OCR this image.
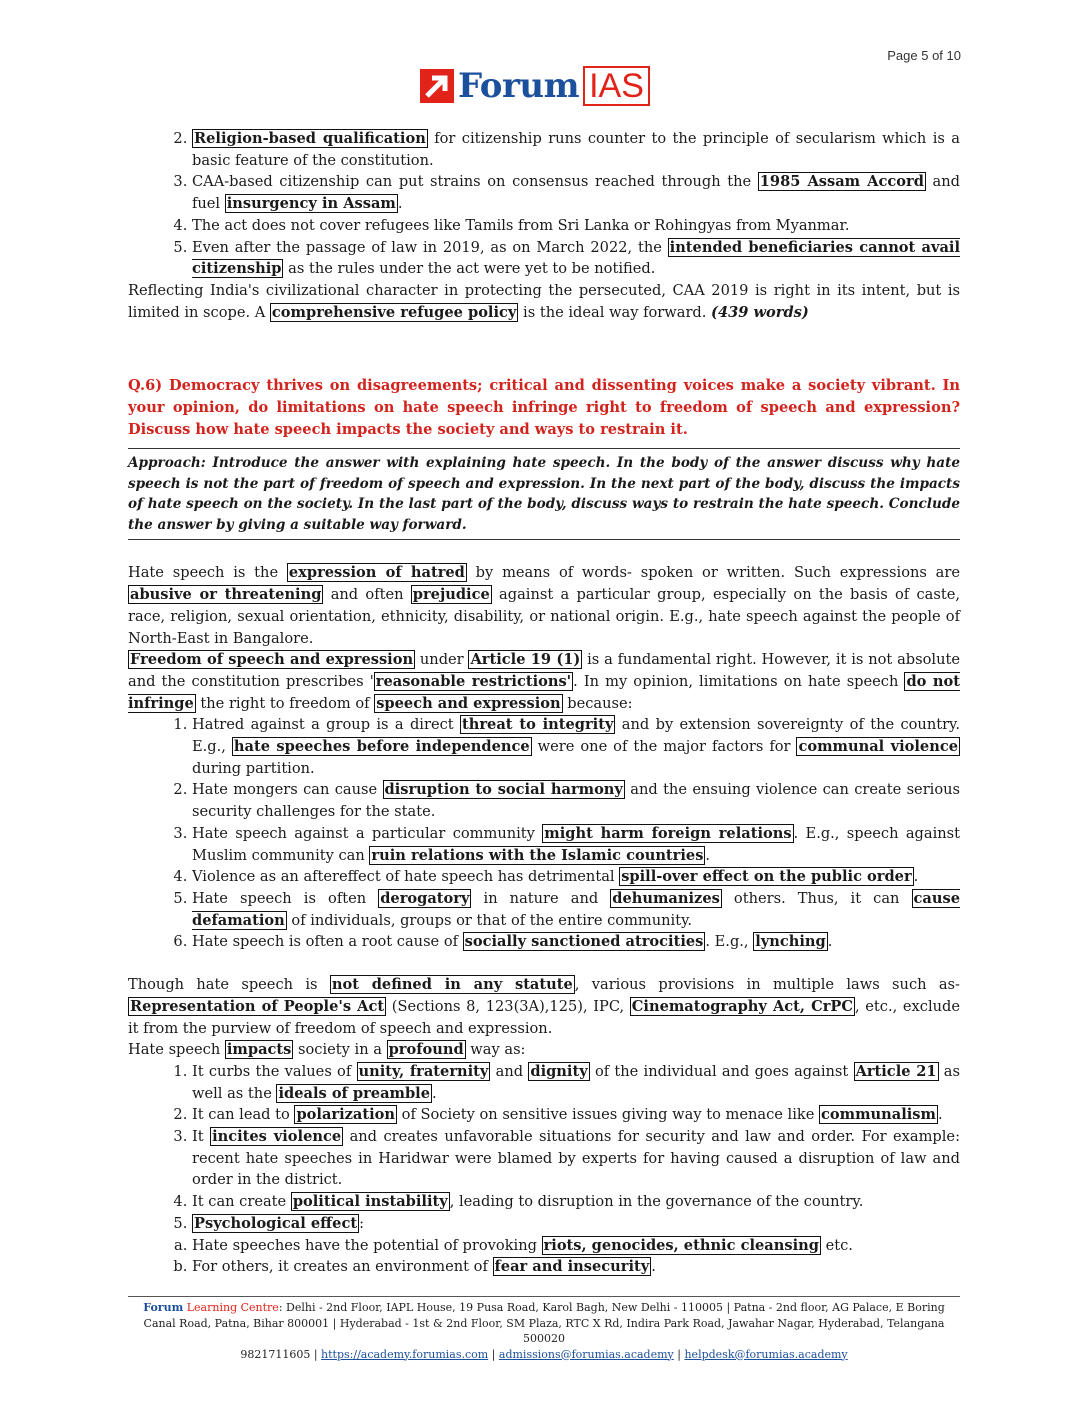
Page 5 of 10
Forum IAS
2. Religion-based qualification for citizenship runs counter to the principle of secularism which is a basic feature of the constitution.
3. CAA-based citizenship can put strains on consensus reached through the 1985 Assam Accord and fuel insurgency in Assam .
4. The act does not cover refugees like Tamils from Sri Lanka or Rohingyas from Myanmar.
5. Even after the passage of law in 2019, as on March 2022, the intended beneficiaries cannot avail citizenship as the rules under the act were yet to be notified.

Reflecting India's civilizational character in protecting the persecuted, CAA 2019 is right in its intent, but is limited in scope. A comprehensive refugee policy is the ideal way forward. (439 words)

Q.6) Democracy thrives on disagreements; critical and dissenting voices make a society vibrant. In your opinion, do limitations on hate speech infringe right to freedom of speech and expression? Discuss how hate speech impacts the society and ways to restrain it.

Approach: Introduce the answer with explaining hate speech. In the body of the answer discuss why hate speech is not the part of freedom of speech and expression. In the next part of the body, discuss the impacts of hate speech on the society. In the last part of the body, discuss ways to restrain the hate speech. Conclude the answer by giving a suitable way forward.

Hate speech is the expression of hatred by means of words- spoken or written. Such expressions are abusive or threatening and often prejudice against a particular group, especially on the basis of caste, race, religion, sexual orientation, ethnicity, disability, or national origin. E.g., hate speech against the people of North-East in Bangalore.

Freedom of speech and expression under Article 19 (1) is a fundamental right. However, it is not absolute and the constitution prescribes ' reasonable restrictions' . In my opinion, limitations on hate speech do not infringe the right to freedom of speech and expression because:

1. Hatred against a group is a direct threat to integrity and by extension sovereignty of the country. E.g., hate speeches before independence were one of the major factors for communal violence during partition.
2. Hate mongers can cause disruption to social harmony and the ensuing violence can create serious security challenges for the state.
3. Hate speech against a particular community might harm foreign relations . E.g., speech against Muslim community can ruin relations with the Islamic countries .
4. Violence as an aftereffect of hate speech has detrimental spill-over effect on the public order .
5. Hate speech is often derogatory in nature and dehumanizes others. Thus, it can cause defamation of individuals, groups or that of the entire community.
6. Hate speech is often a root cause of socially sanctioned atrocities . E.g., lynching .

Though hate speech is not defined in any statute , various provisions in multiple laws such as- Representation of People's Act (Sections 8, 123(3A),125), IPC, Cinematography Act, CrPC , etc., exclude it from the purview of freedom of speech and expression.

Hate speech impacts society in a profound way as:

1. It curbs the values of unity, fraternity and dignity of the individual and goes against Article 21 as well as the ideals of preamble .
2. It can lead to polarization of Society on sensitive issues giving way to menace like communalism .
3. It incites violence and creates unfavorable situations for security and law and order. For example: recent hate speeches in Haridwar were blamed by experts for having caused a disruption of law and order in the district.
4. It can create political instability , leading to disruption in the governance of the country.
5. Psychological effect :
a. Hate speeches have the potential of provoking riots, genocides, ethnic cleansing etc.
b. For others, it creates an environment of fear and insecurity .
Forum Learning Centre: Delhi - 2nd Floor, IAPL House, 19 Pusa Road, Karol Bagh, New Delhi - 110005 | Patna - 2nd floor, AG Palace, E Boring Canal Road, Patna, Bihar 800001 | Hyderabad - 1st & 2nd Floor, SM Plaza, RTC X Rd, Indira Park Road, Jawahar Nagar, Hyderabad, Telangana 500020
9821711605 | https://academy.forumias.com | admissions@forumias.academy | helpdesk@forumias.academy
